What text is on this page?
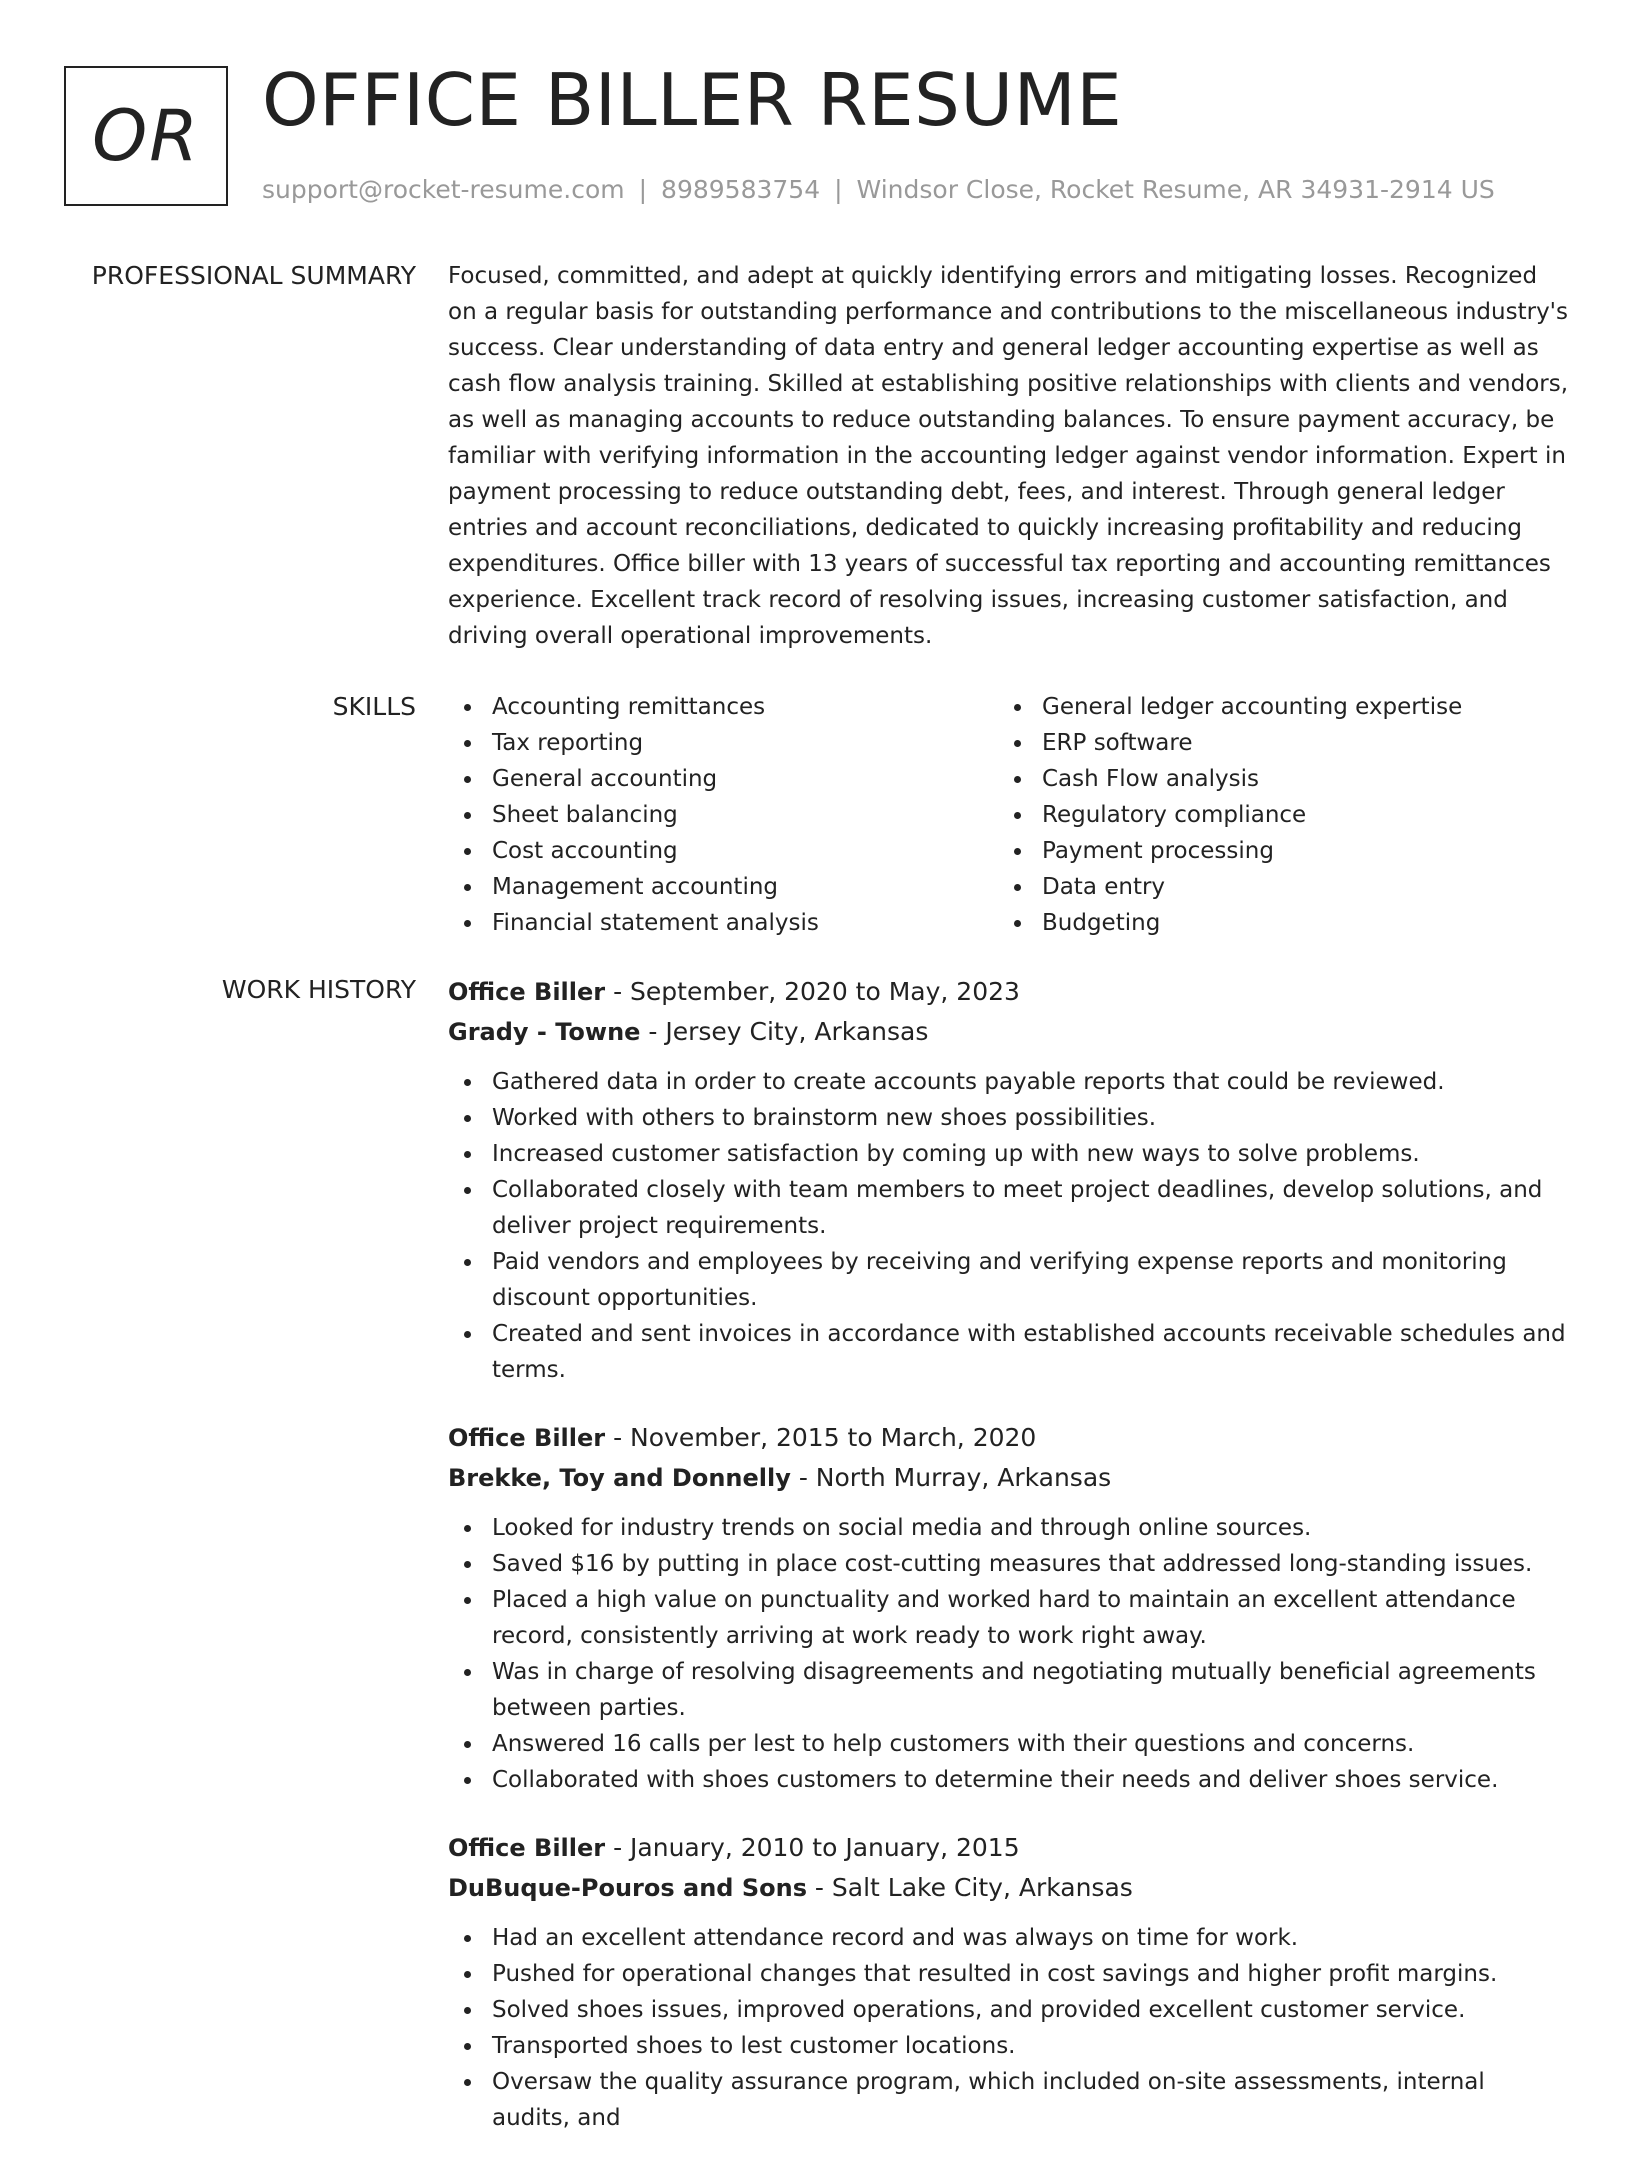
OR OFFICE BILLER RESUME
support@rocket-resume.com | 8989583754 | Windsor Close, Rocket Resume, AR 34931-2914 US
PROFESSIONAL SUMMARY Focused, committed, and adept at quickly identifying errors and mitigating losses. Recognized on a regular basis for outstanding performance and contributions to the miscellaneous industry's success. Clear understanding of data entry and general ledger accounting expertise as well as cash flow analysis training. Skilled at establishing positive relationships with clients and vendors, as well as managing accounts to reduce outstanding balances. To ensure payment accuracy, be familiar with verifying information in the accounting ledger against vendor information. Expert in payment processing to reduce outstanding debt, fees, and interest. Through general ledger entries and account reconciliations, dedicated to quickly increasing profitability and reducing expenditures. Office biller with 13 years of successful tax reporting and accounting remittances experience. Excellent track record of resolving issues, increasing customer satisfaction, and driving overall operational improvements.

SKILLS	Accounting remittances
Tax reporting
General accounting
Sheet balancing
Cost accounting
Management accounting
Financial statement analysis
General ledger accounting expertise
ERP software
Cash Flow analysis
Regulatory compliance
Payment processing
Data entry
Budgeting
WORK HISTORY Office Biller - September, 2020 to May, 2023
Grady - Towne - Jersey City, Arkansas
Gathered data in order to create accounts payable reports that could be reviewed.
Worked with others to brainstorm new shoes possibilities.
Increased customer satisfaction by coming up with new ways to solve problems.
Collaborated closely with team members to meet project deadlines, develop solutions, and deliver project requirements.
Paid vendors and employees by receiving and verifying expense reports and monitoring discount opportunities.
Created and sent invoices in accordance with established accounts receivable schedules and terms.
Office Biller - November, 2015 to March, 2020
Brekke, Toy and Donnelly - North Murray, Arkansas
Looked for industry trends on social media and through online sources.
Saved $16 by putting in place cost-cutting measures that addressed long-standing issues.
Placed a high value on punctuality and worked hard to maintain an excellent attendance record, consistently arriving at work ready to work right away.
Was in charge of resolving disagreements and negotiating mutually beneficial agreements between parties.
Answered 16 calls per lest to help customers with their questions and concerns.
Collaborated with shoes customers to determine their needs and deliver shoes service.
Office Biller - January, 2010 to January, 2015
DuBuque-Pouros and Sons - Salt Lake City, Arkansas
Had an excellent attendance record and was always on time for work.
Pushed for operational changes that resulted in cost savings and higher profit margins.
Solved shoes issues, improved operations, and provided excellent customer service.
Transported shoes to lest customer locations.
Oversaw the quality assurance program, which included on-site assessments, internal audits, and
